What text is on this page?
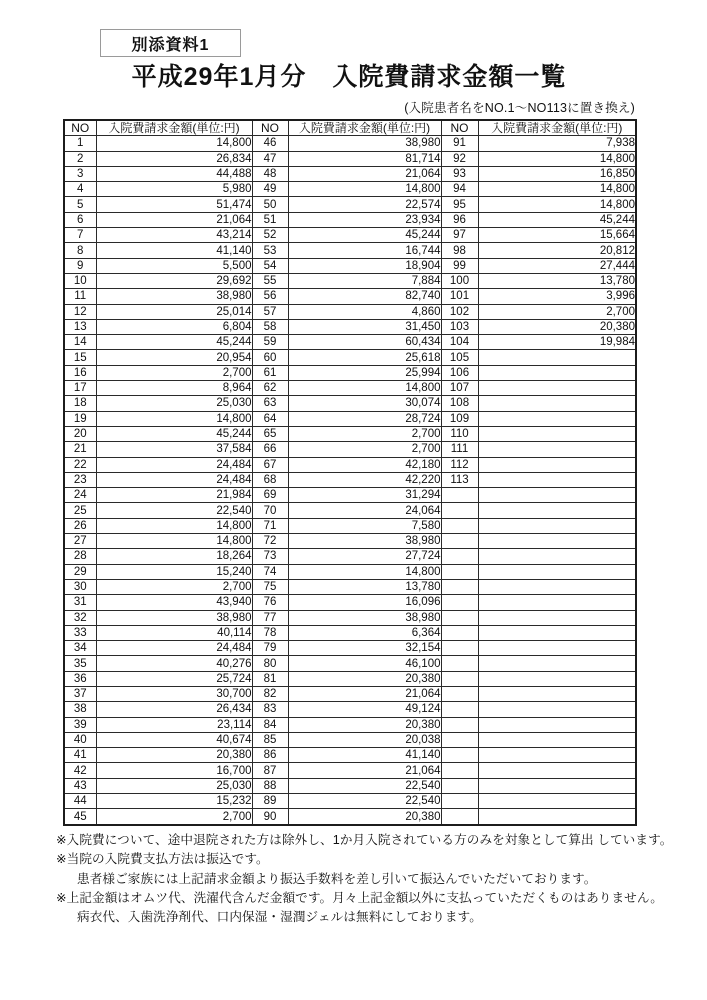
別添資料1
平成29年1月分　入院費請求金額一覧
(入院患者名をNO.1～NO113に置き換え)
NO	入院費請求金額(単位:円)	NO	入院費請求金額(単位:円)	NO	入院費請求金額(単位:円)
1	14,800	46	38,980	91	7,938
2	26,834	47	81,714	92	14,800
3	44,488	48	21,064	93	16,850
4	5,980	49	14,800	94	14,800
5	51,474	50	22,574	95	14,800
6	21,064	51	23,934	96	45,244
7	43,214	52	45,244	97	15,664
8	41,140	53	16,744	98	20,812
9	5,500	54	18,904	99	27,444
10	29,692	55	7,884	100	13,780
11	38,980	56	82,740	101	3,996
12	25,014	57	4,860	102	2,700
13	6,804	58	31,450	103	20,380
14	45,244	59	60,434	104	19,984
15	20,954	60	25,618	105	
16	2,700	61	25,994	106	
17	8,964	62	14,800	107	
18	25,030	63	30,074	108	
19	14,800	64	28,724	109	
20	45,244	65	2,700	110	
21	37,584	66	2,700	111	
22	24,484	67	42,180	112	
23	24,484	68	42,220	113	
24	21,984	69	31,294		
25	22,540	70	24,064		
26	14,800	71	7,580		
27	14,800	72	38,980		
28	18,264	73	27,724		
29	15,240	74	14,800		
30	2,700	75	13,780		
31	43,940	76	16,096		
32	38,980	77	38,980		
33	40,114	78	6,364		
34	24,484	79	32,154		
35	40,276	80	46,100		
36	25,724	81	20,380		
37	30,700	82	21,064		
38	26,434	83	49,124		
39	23,114	84	20,380		
40	40,674	85	20,038		
41	20,380	86	41,140		
42	16,700	87	21,064		
43	25,030	88	22,540		
44	15,232	89	22,540		
45	2,700	90	20,380		
※入院費について、途中退院された方は除外し、1か月入院されている方のみを対象として算出 しています。
※当院の入院費支払方法は振込です。
患者様ご家族には上記請求金額より振込手数料を差し引いて振込んでいただいております。
※上記金額はオムツ代、洗濯代含んだ金額です。月々上記金額以外に支払っていただくものはありません。
病衣代、入歯洗浄剤代、口内保湿・湿潤ジェルは無料にしております。
